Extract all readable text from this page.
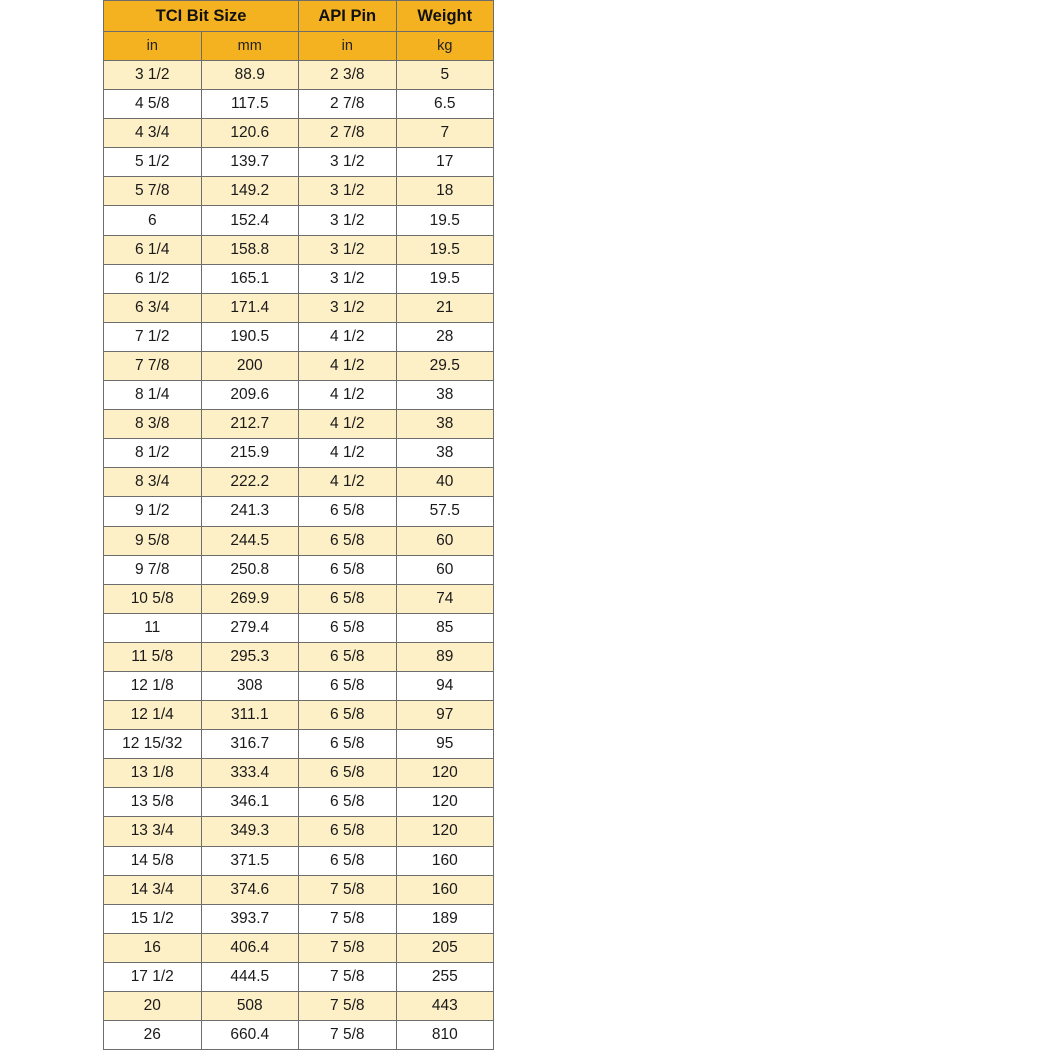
TCI Bit Size		API Pin	Weight
in	mm	in	kg
3 1/2	88.9	2 3/8	5
4 5/8	117.5	2 7/8	6.5
4 3/4	120.6	2 7/8	7
5 1/2	139.7	3 1/2	17
5 7/8	149.2	3 1/2	18
6	152.4	3 1/2	19.5
6 1/4	158.8	3 1/2	19.5
6 1/2	165.1	3 1/2	19.5
6 3/4	171.4	3 1/2	21
7 1/2	190.5	4 1/2	28
7 7/8	200	4 1/2	29.5
8 1/4	209.6	4 1/2	38
8 3/8	212.7	4 1/2	38
8 1/2	215.9	4 1/2	38
8 3/4	222.2	4 1/2	40
9 1/2	241.3	6 5/8	57.5
9 5/8	244.5	6 5/8	60
9 7/8	250.8	6 5/8	60
10 5/8	269.9	6 5/8	74
11	279.4	6 5/8	85
11 5/8	295.3	6 5/8	89
12 1/8	308	6 5/8	94
12 1/4	311.1	6 5/8	97
12 15/32	316.7	6 5/8	95
13 1/8	333.4	6 5/8	120
13 5/8	346.1	6 5/8	120
13 3/4	349.3	6 5/8	120
14 5/8	371.5	6 5/8	160
14 3/4	374.6	7 5/8	160
15 1/2	393.7	7 5/8	189
16	406.4	7 5/8	205
17 1/2	444.5	7 5/8	255
20	508	7 5/8	443
26	660.4	7 5/8	810
